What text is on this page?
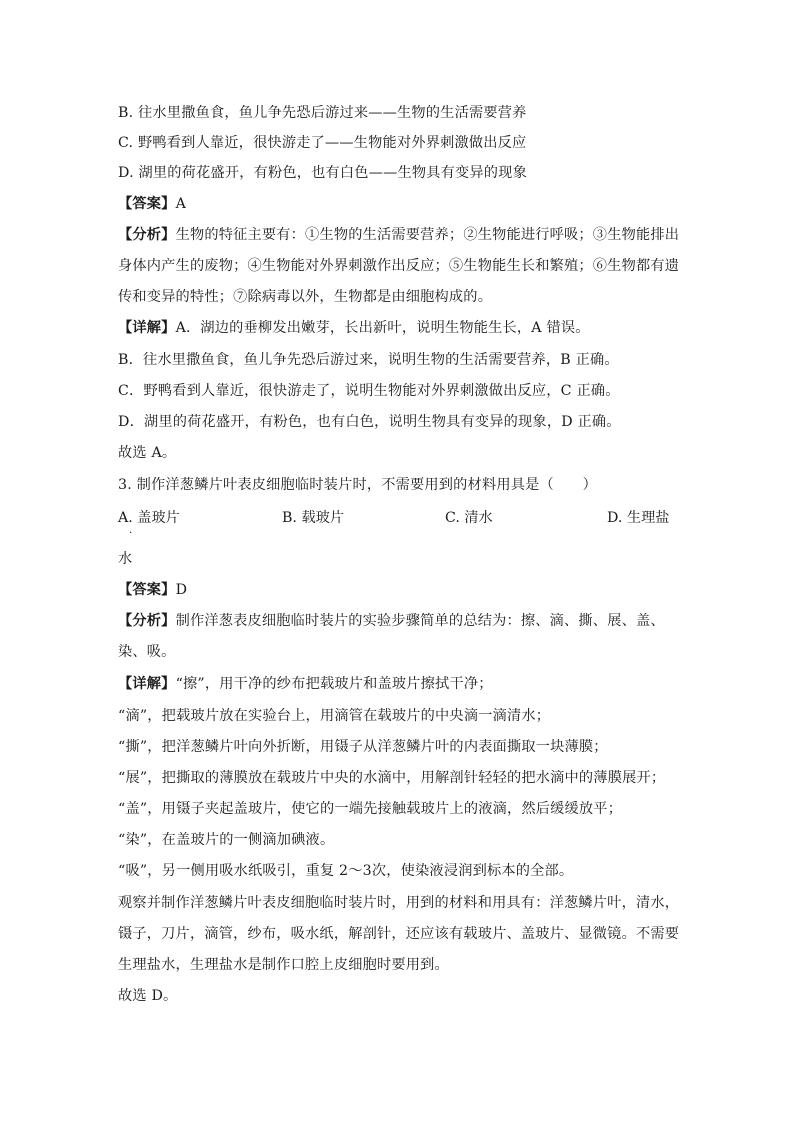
B. 往水里撒鱼食，鱼儿争先恐后游过来——生物的生活需要营养
C. 野鸭看到人靠近，很快游走了——生物能对外界刺激做出反应
D. 湖里的荷花盛开，有粉色，也有白色——生物具有变异的现象
【答案】A
【分析】生物的特征主要有：①生物的生活需要营养；②生物能进行呼吸；③生物能排出
身体内产生的废物；④生物能对外界刺激作出反应；⑤生物能生长和繁殖；⑥生物都有遗
传和变异的特性；⑦除病毒以外，生物都是由细胞构成的。
【详解】A．湖边的垂柳发出嫩芽，长出新叶，说明生物能生长，A 错误。
B．往水里撒鱼食，鱼儿争先恐后游过来，说明生物的生活需要营养，B 正确。
C．野鸭看到人靠近，很快游走了，说明生物能对外界刺激做出反应，C 正确。
D．湖里的荷花盛开，有粉色，也有白色，说明生物具有变异的现象，D 正确。
故选 A。
3. 制作洋葱鳞片叶表皮细胞临时装片时，不需要用到的材料用具是（　　）
A. 盖玻片	B. 载玻片	C. 清水	D. 生理盐
·
水
【答案】D
【分析】制作洋葱表皮细胞临时装片的实验步骤简单的总结为：擦、滴、撕、展、盖、
染、吸。
【详解】“擦”，用干净的纱布把载玻片和盖玻片擦拭干净；
“滴”，把载玻片放在实验台上，用滴管在载玻片的中央滴一滴清水；
“撕”，把洋葱鳞片叶向外折断，用镊子从洋葱鳞片叶的内表面撕取一块薄膜；
“展”，把撕取的薄膜放在载玻片中央的水滴中，用解剖针轻轻的把水滴中的薄膜展开；
“盖”，用镊子夹起盖玻片，使它的一端先接触载玻片上的液滴，然后缓缓放平；
“染”，在盖玻片的一侧滴加碘液。
“吸”，另一侧用吸水纸吸引，重复 2～3次，使染液浸润到标本的全部。
观察并制作洋葱鳞片叶表皮细胞临时装片时，用到的材料和用具有：洋葱鳞片叶，清水，
镊子，刀片，滴管，纱布，吸水纸，解剖针，还应该有载玻片、盖玻片、显微镜。不需要
生理盐水，生理盐水是制作口腔上皮细胞时要用到。
故选 D。
